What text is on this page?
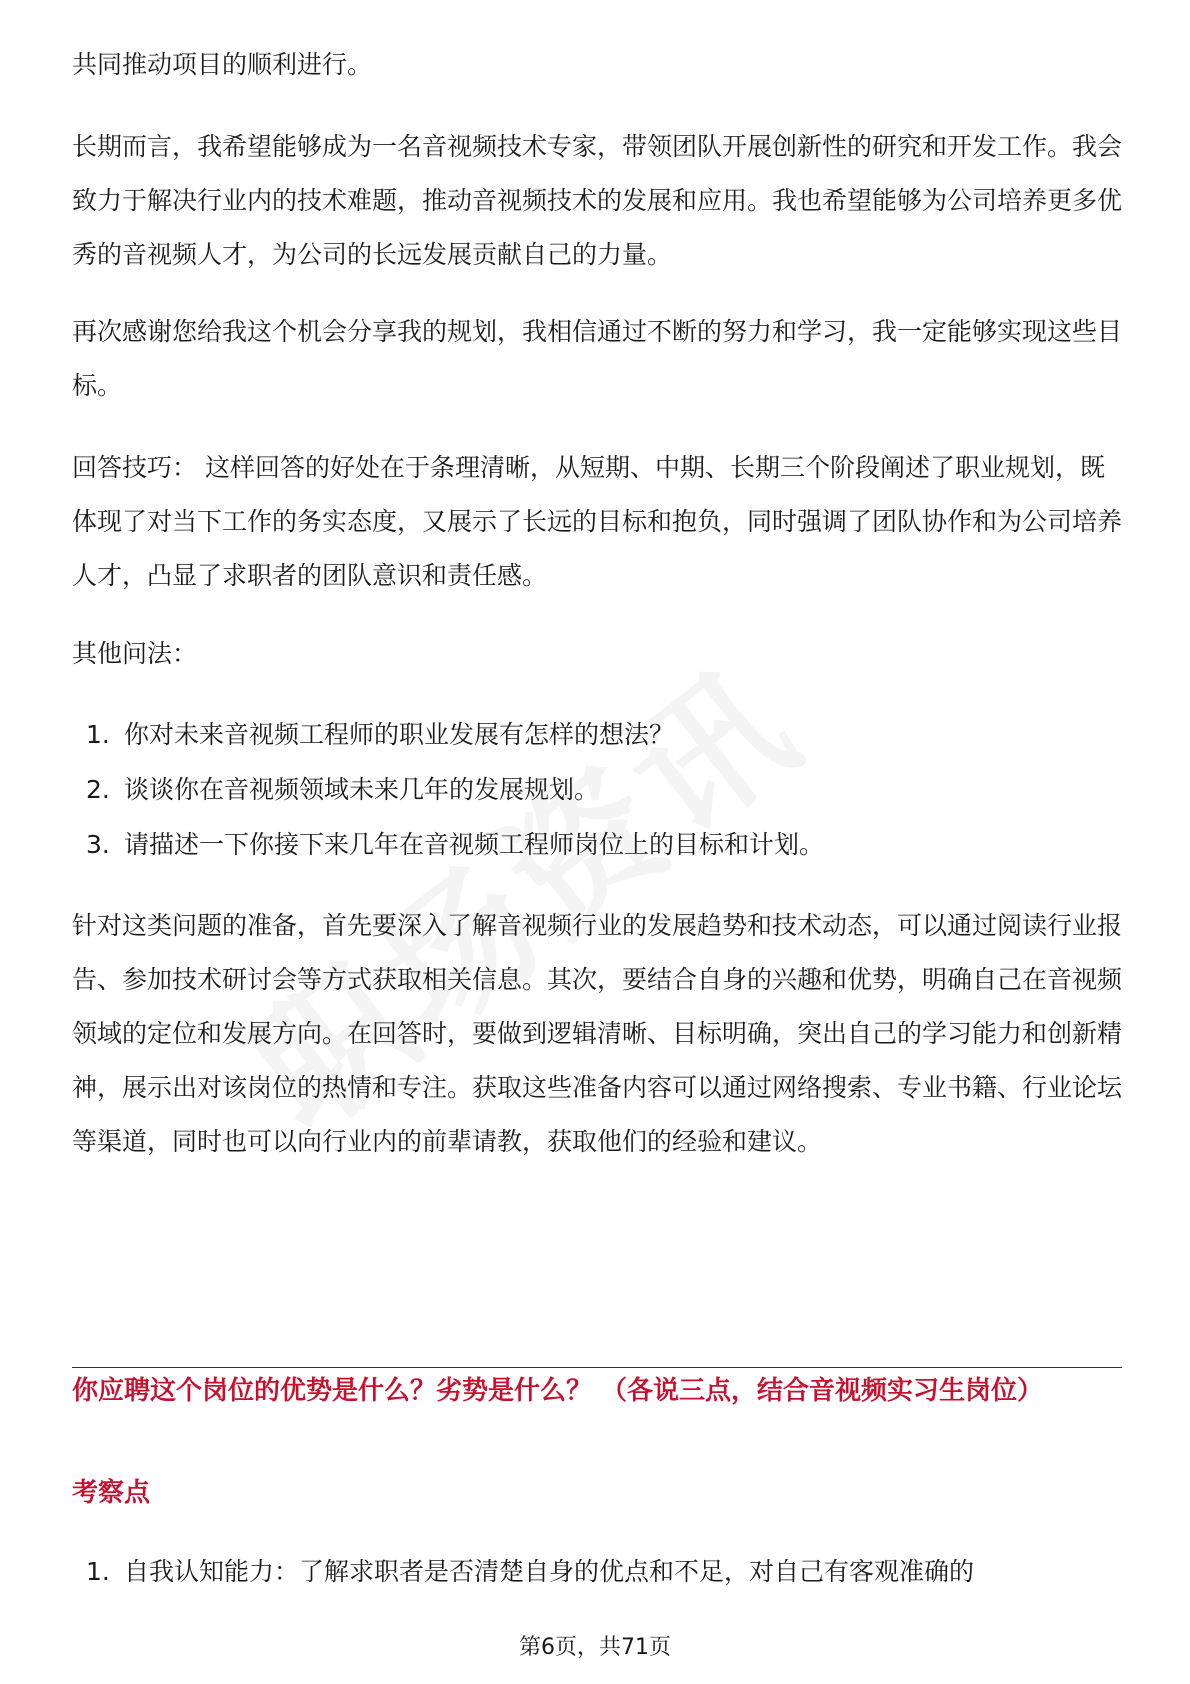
共同推动项目的顺利进行。

长期而言，我希望能够成为一名音视频技术专家，带领团队开展创新性的研究和开发工作。我会致力于解决行业内的技术难题，推动音视频技术的发展和应用。我也希望能够为公司培养更多优秀的音视频人才，为公司的长远发展贡献自己的力量。

再次感谢您给我这个机会分享我的规划，我相信通过不断的努力和学习，我一定能够实现这些目标。

回答技巧： 这样回答的好处在于条理清晰，从短期、中期、长期三个阶段阐述了职业规划，既体现了对当下工作的务实态度，又展示了长远的目标和抱负，同时强调了团队协作和为公司培养人才，凸显了求职者的团队意识和责任感。

其他问法：

1. 你对未来音视频工程师的职业发展有怎样的想法？
2. 谈谈你在音视频领域未来几年的发展规划。
3. 请描述一下你接下来几年在音视频工程师岗位上的目标和计划。

针对这类问题的准备，首先要深入了解音视频行业的发展趋势和技术动态，可以通过阅读行业报告、参加技术研讨会等方式获取相关信息。其次，要结合自身的兴趣和优势，明确自己在音视频领域的定位和发展方向。在回答时，要做到逻辑清晰、目标明确，突出自己的学习能力和创新精神，展示出对该岗位的热情和专注。获取这些准备内容可以通过网络搜索、专业书籍、行业论坛等渠道，同时也可以向行业内的前辈请教，获取他们的经验和建议。

你应聘这个岗位的优势是什么？劣势是什么？ （各说三点，结合音视频实习生岗位）
考察点
1. 自我认知能力：了解求职者是否清楚自身的优点和不足，对自己有客观准确的
第6页，共71页
